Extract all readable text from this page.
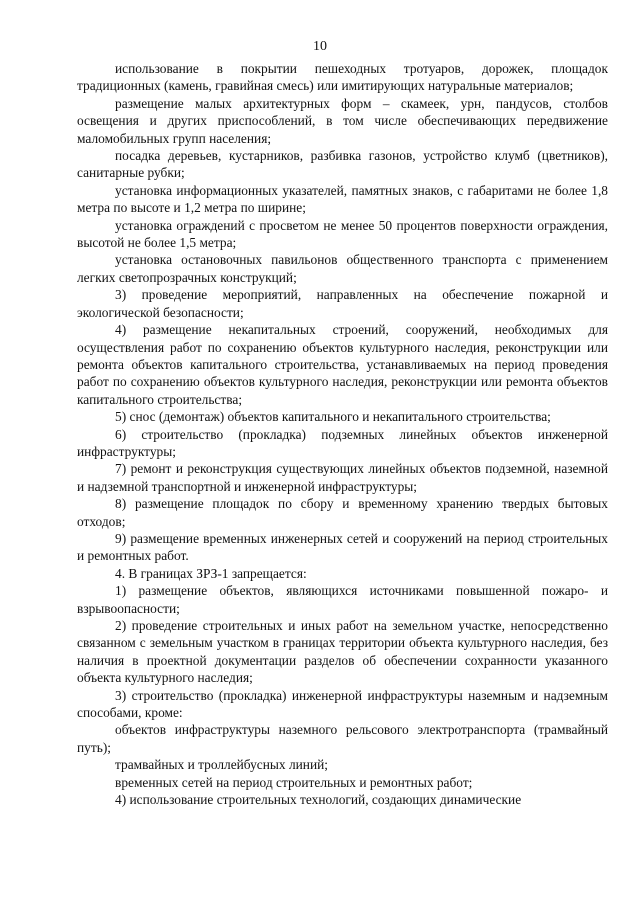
10

использование в покрытии пешеходных тротуаров, дорожек, площадок традиционных (камень, гравийная смесь) или имитирующих натуральные материалов;

размещение малых архитектурных форм – скамеек, урн, пандусов, столбов освещения и других приспособлений, в том числе обеспечивающих передвижение маломобильных групп населения;

посадка деревьев, кустарников, разбивка газонов, устройство клумб (цветников), санитарные рубки;

установка информационных указателей, памятных знаков, с габаритами не более 1,8 метра по высоте и 1,2 метра по ширине;

установка ограждений с просветом не менее 50 процентов поверхности ограждения, высотой не более 1,5 метра;

установка остановочных павильонов общественного транспорта с применением легких светопрозрачных конструкций;

3) проведение мероприятий, направленных на обеспечение пожарной и экологической безопасности;

4) размещение некапитальных строений, сооружений, необходимых для осуществления работ по сохранению объектов культурного наследия, реконструкции или ремонта объектов капитального строительства, устанавливаемых на период проведения работ по сохранению объектов культурного наследия, реконструкции или ремонта объектов капитального строительства;

5) снос (демонтаж) объектов капитального и некапитального строительства;

6) строительство (прокладка) подземных линейных объектов инженерной инфраструктуры;

7) ремонт и реконструкция существующих линейных объектов подземной, наземной и надземной транспортной и инженерной инфраструктуры;

8) размещение площадок по сбору и временному хранению твердых бытовых отходов;

9) размещение временных инженерных сетей и сооружений на период строительных и ремонтных работ.

4. В границах ЗРЗ-1 запрещается:

1) размещение объектов, являющихся источниками повышенной пожаро- и взрывоопасности;

2) проведение строительных и иных работ на земельном участке, непосредственно связанном с земельным участком в границах территории объекта культурного наследия, без наличия в проектной документации разделов об обеспечении сохранности указанного объекта культурного наследия;

3) строительство (прокладка) инженерной инфраструктуры наземным и надземным способами, кроме:

объектов инфраструктуры наземного рельсового электротранспорта (трамвайный путь);

трамвайных и троллейбусных линий;

временных сетей на период строительных и ремонтных работ;

4) использование строительных технологий, создающих динамические
